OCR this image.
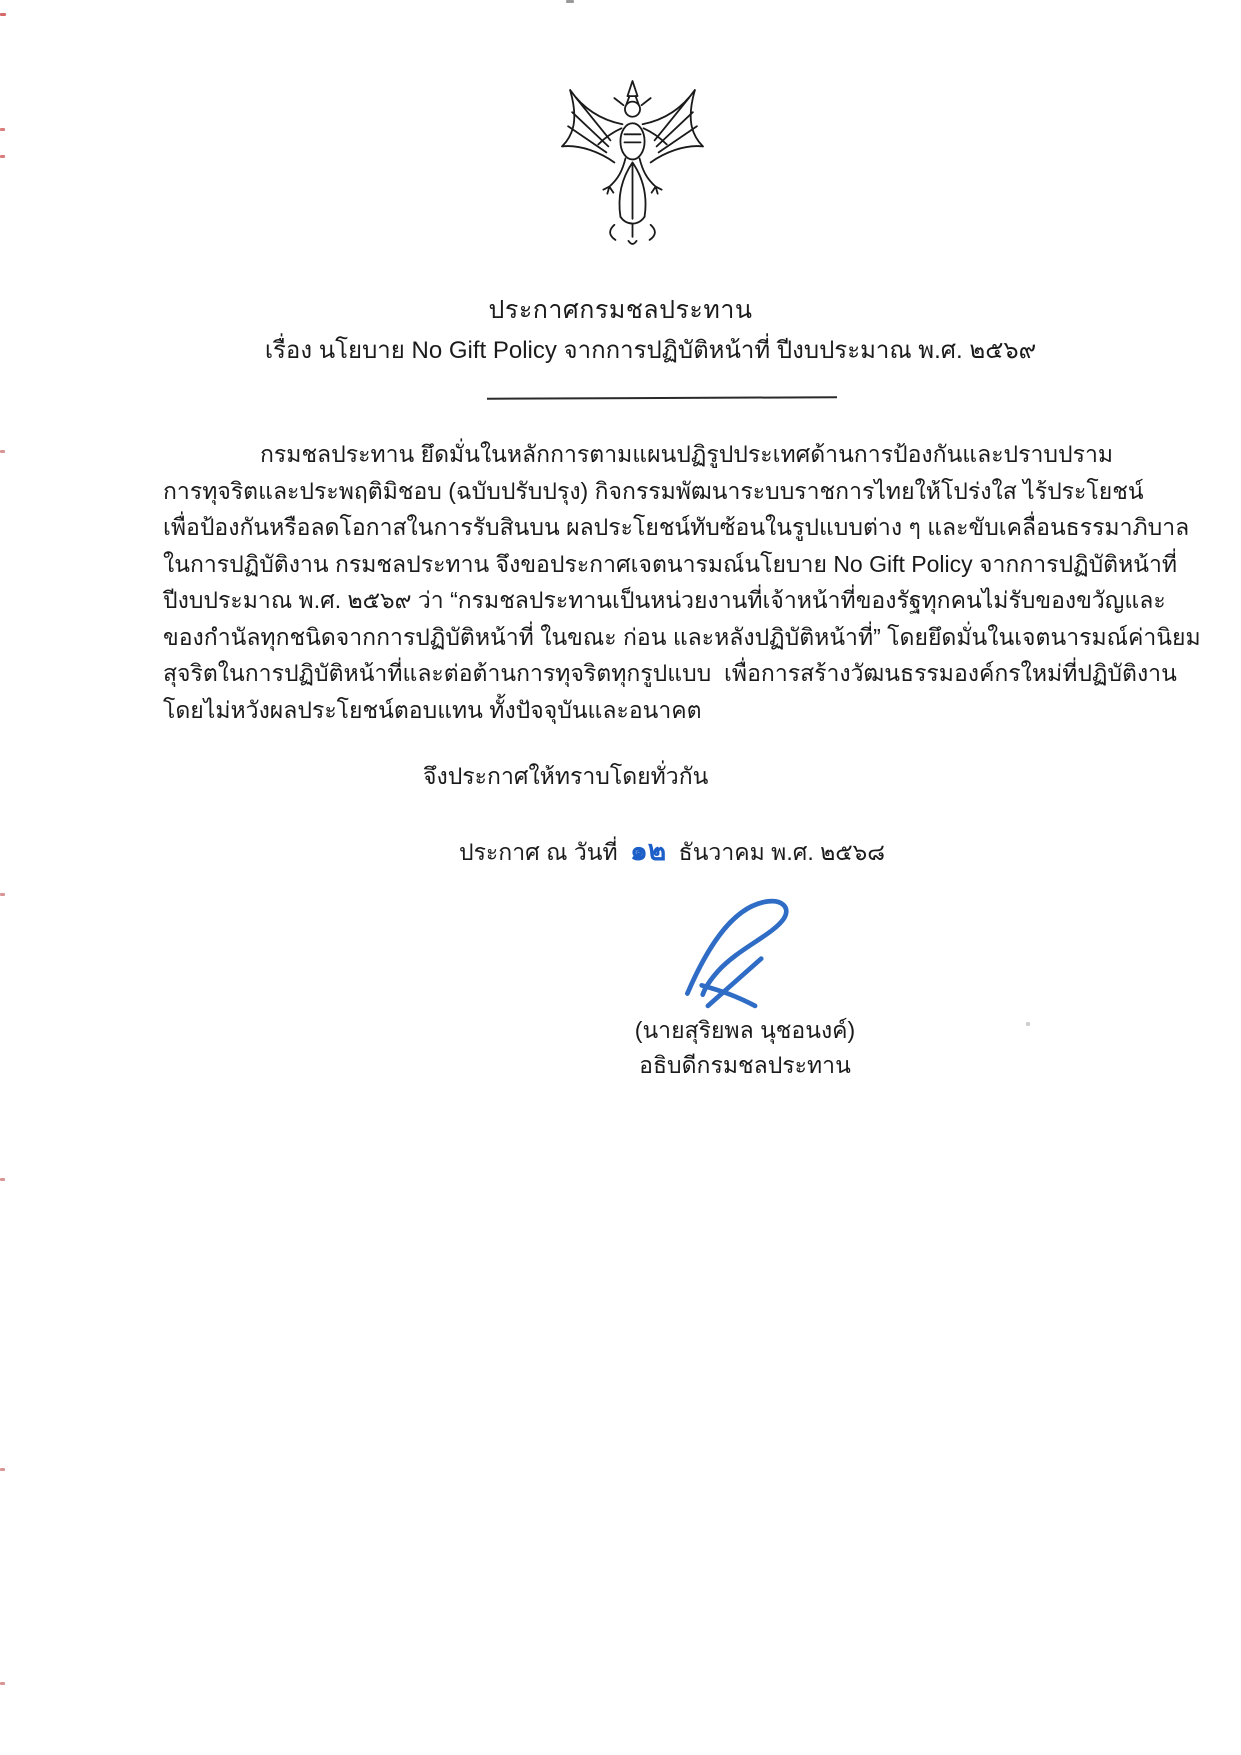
ประกาศกรมชลประทาน
เรื่อง นโยบาย No Gift Policy จากการปฏิบัติหน้าที่ ปีงบประมาณ พ.ศ. ๒๕๖๙
กรมชลประทาน ยึดมั่นในหลักการตามแผนปฏิรูปประเทศด้านการป้องกันและปราบปราม
การทุจริตและประพฤติมิชอบ (ฉบับปรับปรุง) กิจกรรมพัฒนาระบบราชการไทยให้โปร่งใส ไร้ประโยชน์
เพื่อป้องกันหรือลดโอกาสในการรับสินบน ผลประโยชน์ทับซ้อนในรูปแบบต่าง ๆ และขับเคลื่อนธรรมาภิบาล
ในการปฏิบัติงาน กรมชลประทาน จึงขอประกาศเจตนารมณ์นโยบาย No Gift Policy จากการปฏิบัติหน้าที่
ปีงบประมาณ พ.ศ. ๒๕๖๙ ว่า “กรมชลประทานเป็นหน่วยงานที่เจ้าหน้าที่ของรัฐทุกคนไม่รับของขวัญและ
ของกำนัลทุกชนิดจากการปฏิบัติหน้าที่ ในขณะ ก่อน และหลังปฏิบัติหน้าที่” โดยยึดมั่นในเจตนารมณ์ค่านิยม
สุจริตในการปฏิบัติหน้าที่และต่อต้านการทุจริตทุกรูปแบบ  เพื่อการสร้างวัฒนธรรมองค์กรใหม่ที่ปฏิบัติงาน
โดยไม่หวังผลประโยชน์ตอบแทน ทั้งปัจจุบันและอนาคต
จึงประกาศให้ทราบโดยทั่วกัน
ประกาศ ณ วันที่ ๑๒ ธันวาคม พ.ศ. ๒๕๖๘
(นายสุริยพล นุชอนงค์)
อธิบดีกรมชลประทาน
